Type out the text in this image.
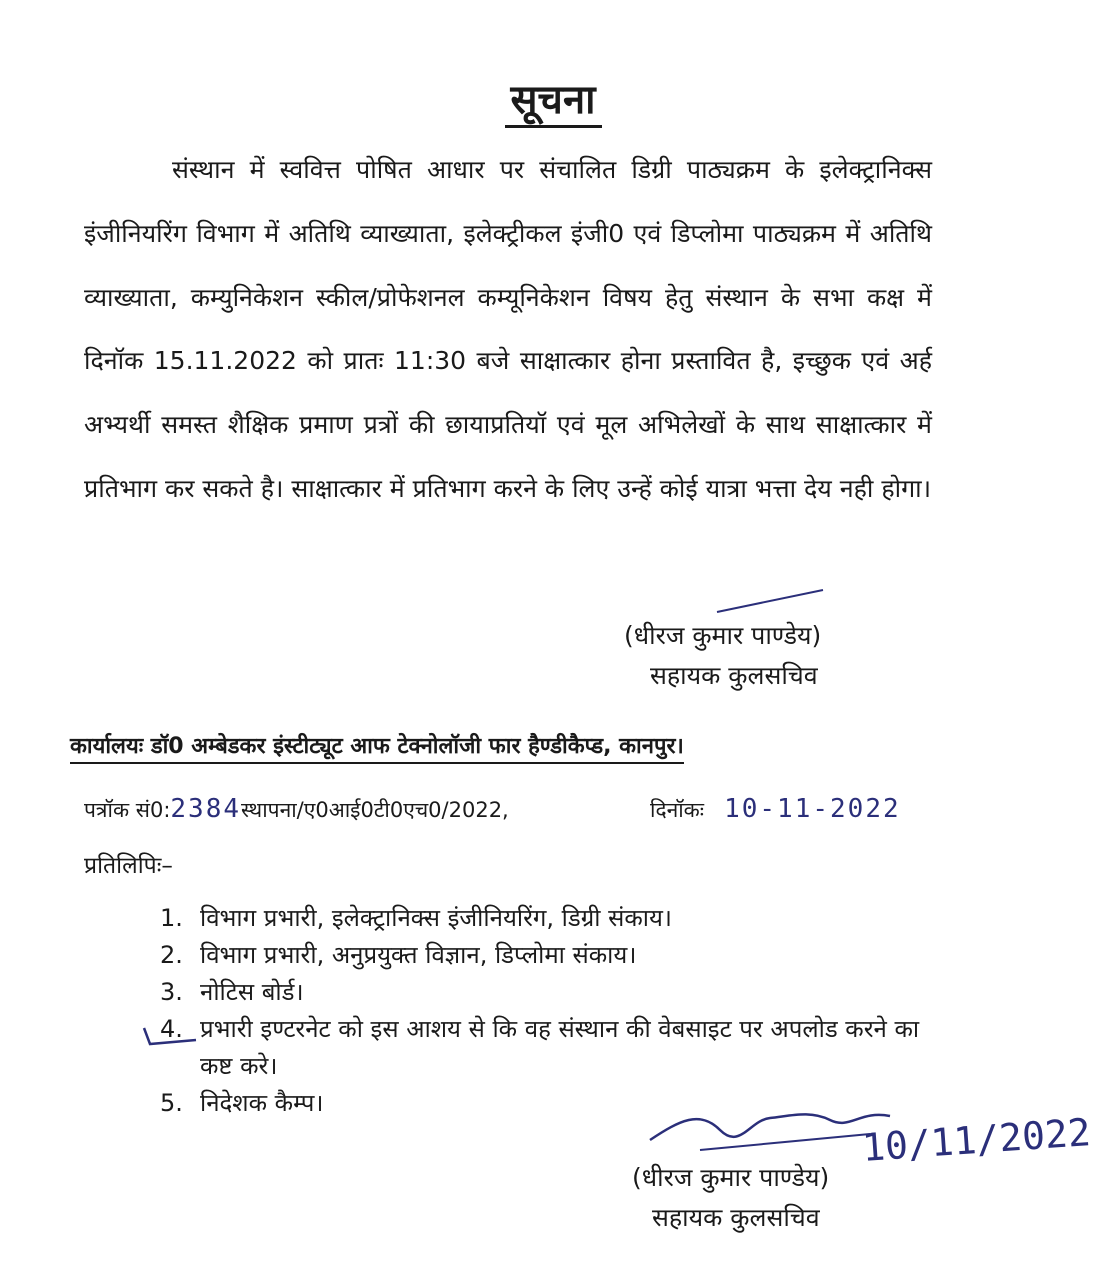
सूचना
संस्थान में स्ववित्त पोषित आधार पर संचालित डिग्री पाठ्यक्रम के इलेक्ट्रानिक्स इंजीनियरिंग विभाग में अतिथि व्याख्याता, इलेक्ट्रीकल इंजी0 एवं डिप्लोमा पाठ्यक्रम में अतिथि व्याख्याता, कम्युनिकेशन स्कील/प्रोफेशनल कम्यूनिकेशन विषय हेतु संस्थान के सभा कक्ष में दिनॉक 15.11.2022 को प्रातः 11:30 बजे साक्षात्कार होना प्रस्तावित है, इच्छुक एवं अर्ह अभ्यर्थी समस्त शैक्षिक प्रमाण प्रत्रों की छायाप्रतियॉ एवं मूल अभिलेखों के साथ साक्षात्कार में प्रतिभाग कर सकते है। साक्षात्कार में प्रतिभाग करने के लिए उन्हें कोई यात्रा भत्ता देय नही होगा।
(धीरज कुमार पाण्डेय)
सहायक कुलसचिव
कार्यालयः डॉ0 अम्बेडकर इंस्टीट्यूट आफ टेक्नोलॉजी फार हैण्डीकैप्ड, कानपुर।
पत्रॉक सं0:2384स्थापना/ए0आई0टी0एच0/2022,	दिनॉकः 10-11-2022
प्रतिलिपिः–
1. विभाग प्रभारी, इलेक्ट्रानिक्स इंजीनियरिंग, डिग्री संकाय।
2. विभाग प्रभारी, अनुप्रयुक्त विज्ञान, डिप्लोमा संकाय।
3. नोटिस बोर्ड।
4. प्रभारी इण्टरनेट को इस आशय से कि वह संस्थान की वेबसाइट पर अपलोड करने का कष्ट करे।
5. निदेशक कैम्प।
10/11/2022
(धीरज कुमार पाण्डेय)
सहायक कुलसचिव
